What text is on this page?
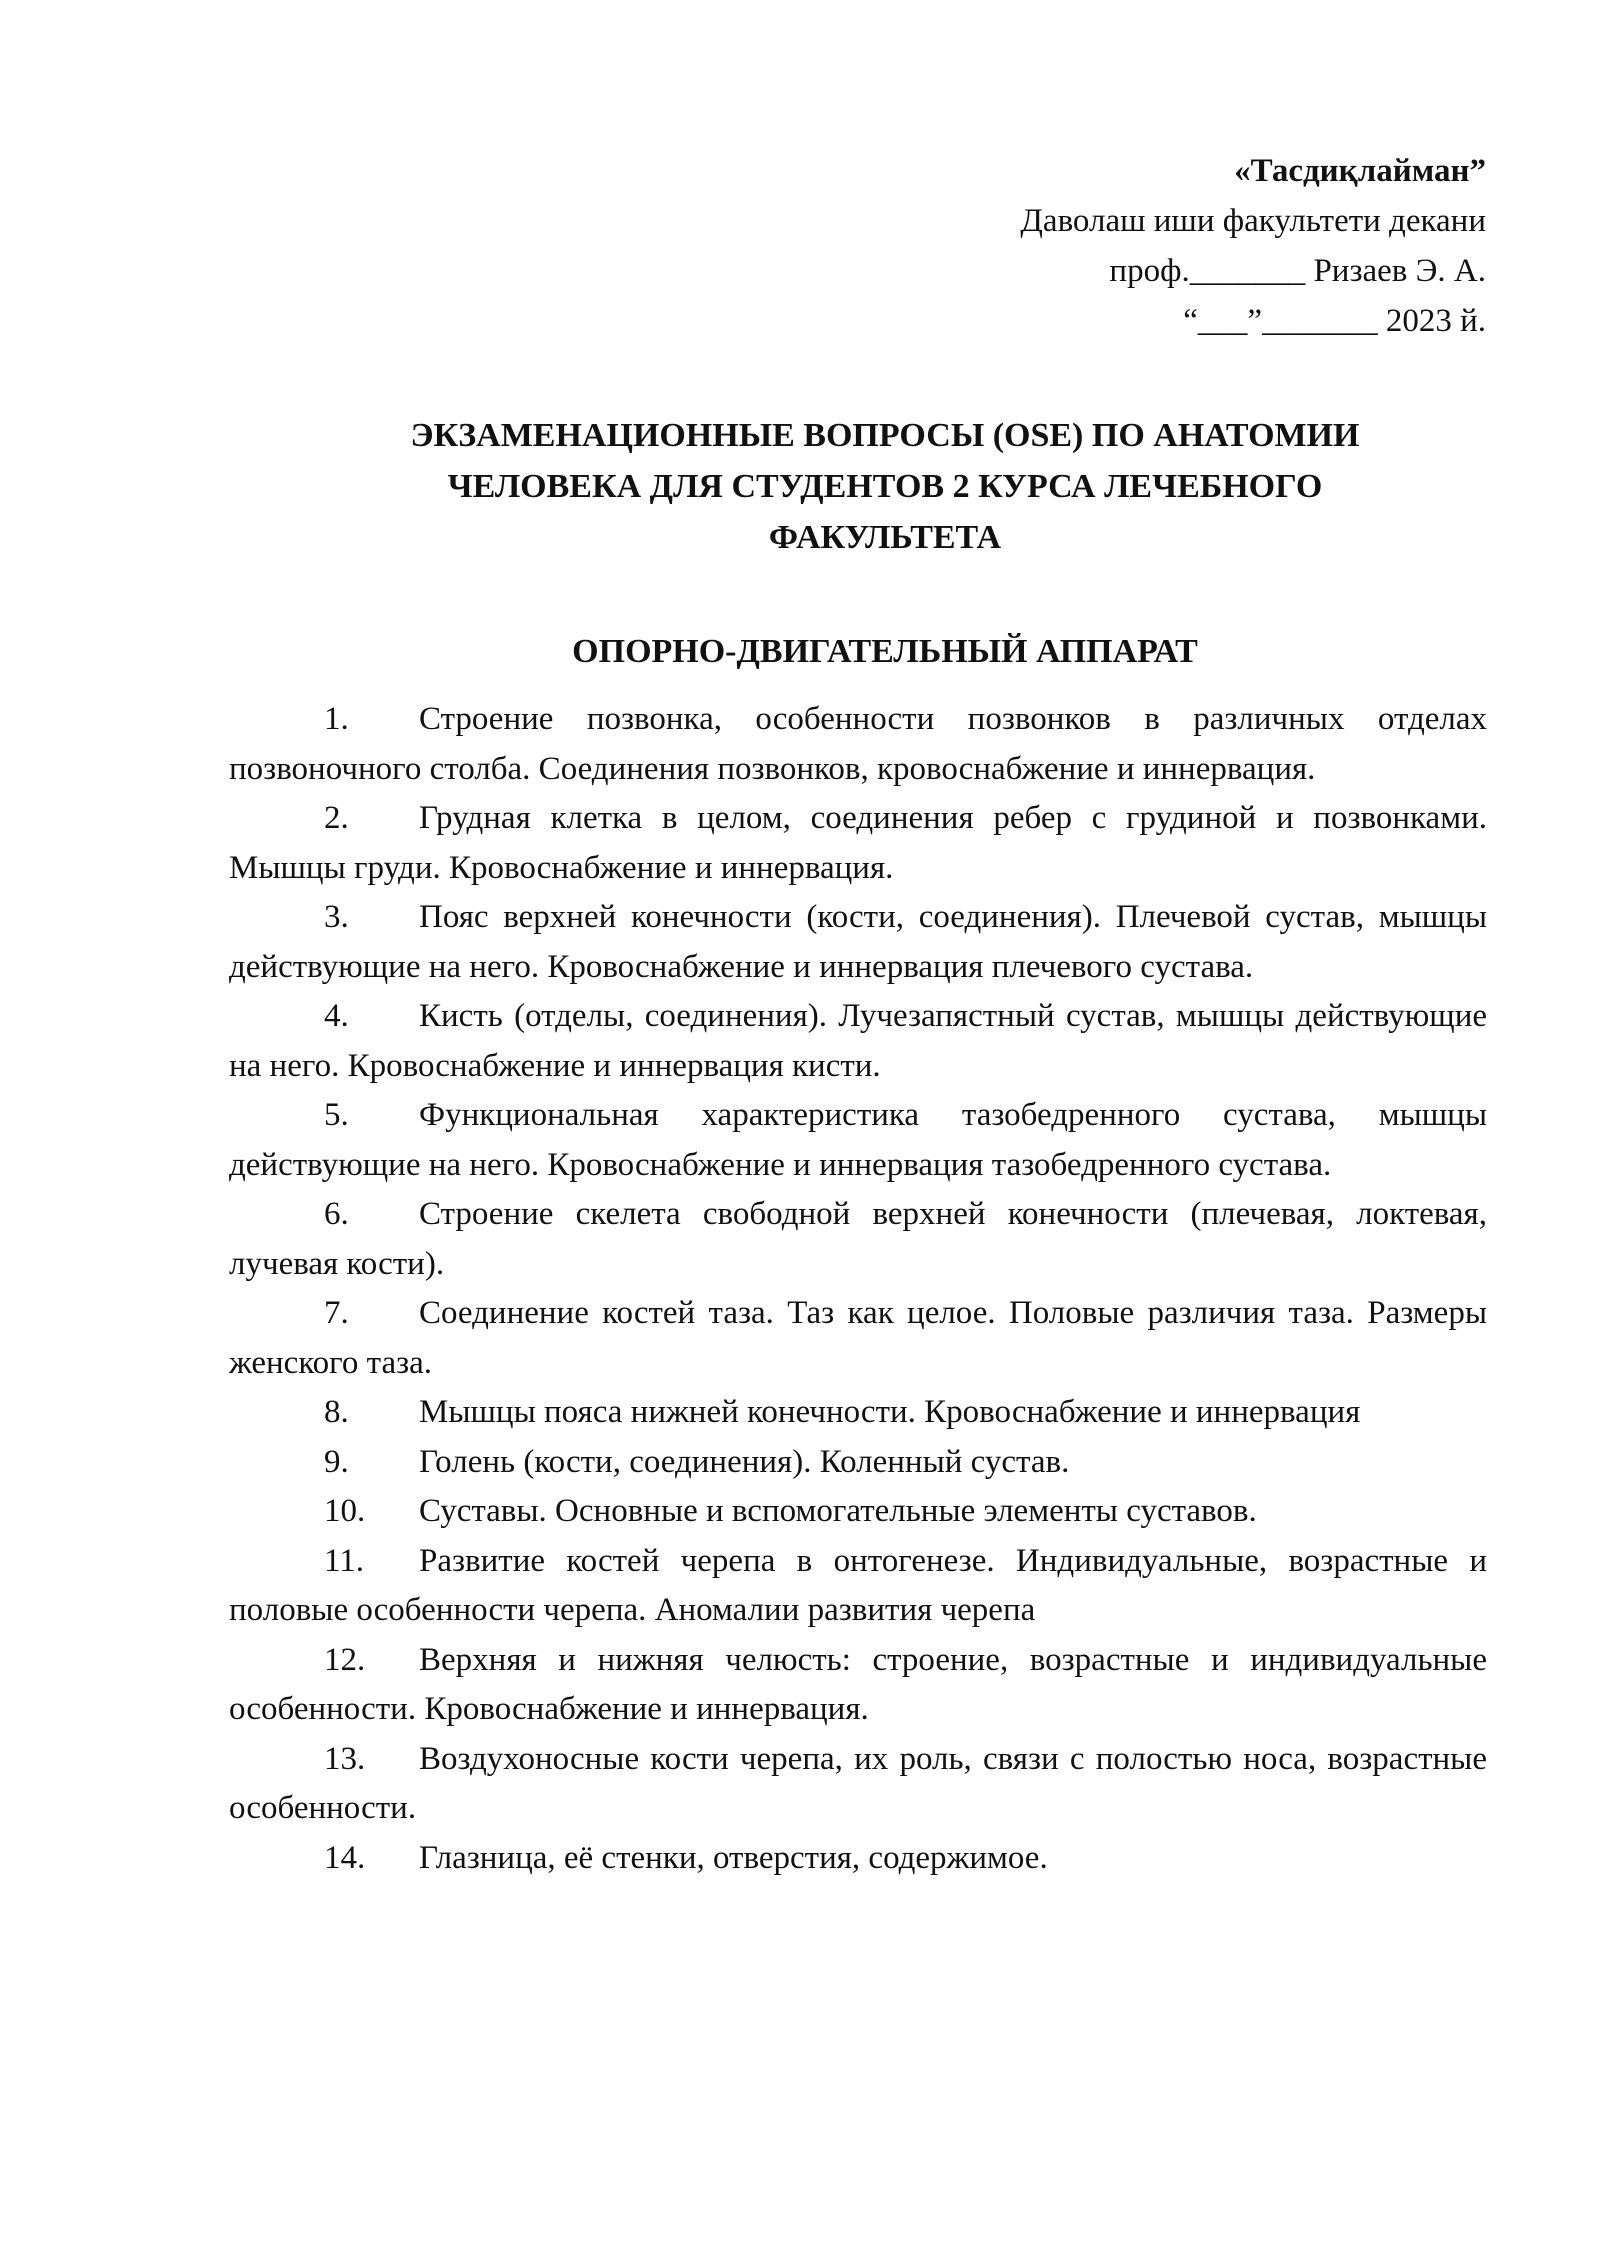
«Тасдиқлайман”
Даволаш иши факультети декани
проф._______ Ризаев Э. А.
“___”_______ 2023 й.
ЭКЗАМЕНАЦИОННЫЕ ВОПРОСЫ (OSE) ПО АНАТОМИИ
ЧЕЛОВЕКА ДЛЯ СТУДЕНТОВ 2 КУРСА ЛЕЧЕБНОГО
ФАКУЛЬТЕТА
ОПОРНО-ДВИГАТЕЛЬНЫЙ АППАРАТ
1. Строение позвонка, особенности позвонков в различных отделах позвоночного столба. Соединения позвонков, кровоснабжение и иннервация.
2. Грудная клетка в целом, соединения ребер с грудиной и позвонками. Мышцы груди. Кровоснабжение и иннервация.
3. Пояс верхней конечности (кости, соединения). Плечевой сустав, мышцы действующие на него. Кровоснабжение и иннервация плечевого сустава.
4. Кисть (отделы, соединения). Лучезапястный сустав, мышцы действующие на него. Кровоснабжение и иннервация кисти.
5. Функциональная характеристика тазобедренного сустава, мышцы действующие на него. Кровоснабжение и иннервация тазобедренного сустава.
6. Строение скелета свободной верхней конечности (плечевая, локтевая, лучевая кости).
7. Соединение костей таза. Таз как целое. Половые различия таза. Размеры женского таза.
8. Мышцы пояса нижней конечности. Кровоснабжение и иннервация
9. Голень (кости, соединения). Коленный сустав.
10. Суставы. Основные и вспомогательные элементы суставов.
11. Развитие костей черепа в онтогенезе. Индивидуальные, возрастные и половые особенности черепа. Аномалии развития черепа
12. Верхняя и нижняя челюсть: строение, возрастные и индивидуальные особенности. Кровоснабжение и иннервация.
13. Воздухоносные кости черепа, их роль, связи с полостью носа, возрастные особенности.
14. Глазница, её стенки, отверстия, содержимое.
